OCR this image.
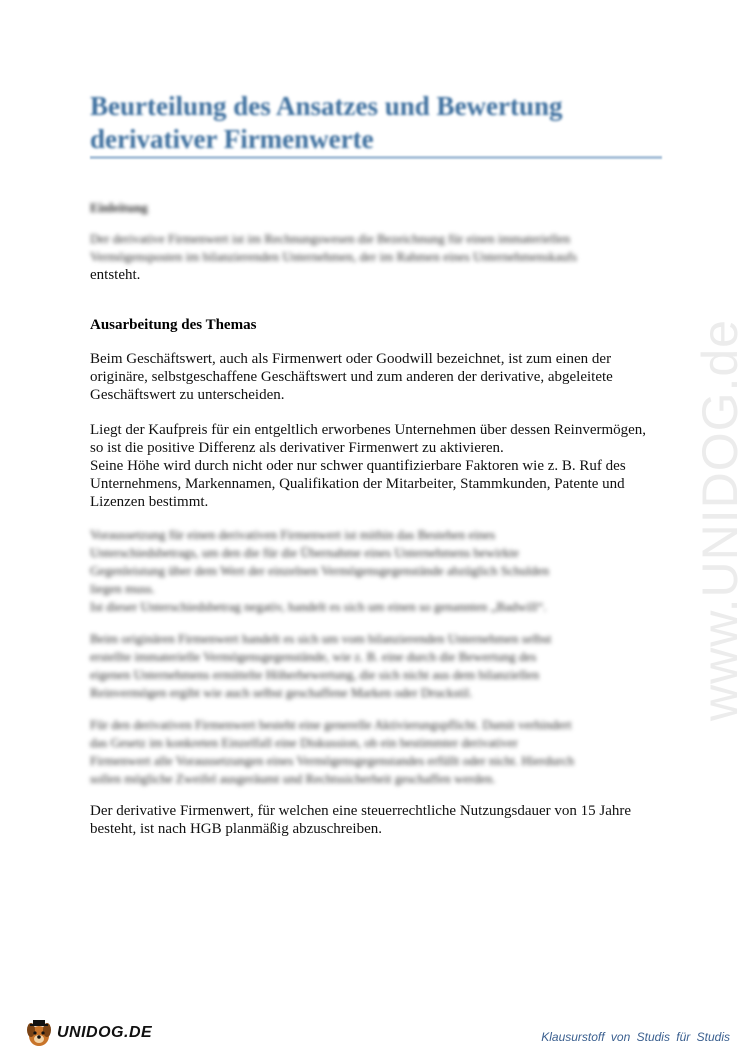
Beurteilung des Ansatzes und Bewertung
derivativer Firmenwerte
Einleitung
Der derivative Firmenwert ist im Rechnungswesen die Bezeichnung für einen immateriellen
Vermögensposten im bilanzierenden Unternehmen, der im Rahmen eines Unternehmenskaufs
entsteht.
Ausarbeitung des Themas
Beim Geschäftswert, auch als Firmenwert oder Goodwill bezeichnet, ist zum einen der
originäre, selbstgeschaffene Geschäftswert und zum anderen der derivative, abgeleitete
Geschäftswert zu unterscheiden.
Liegt der Kaufpreis für ein entgeltlich erworbenes Unternehmen über dessen Reinvermögen,
so ist die positive Differenz als derivativer Firmenwert zu aktivieren.
Seine Höhe wird durch nicht oder nur schwer quantifizierbare Faktoren wie z. B. Ruf des
Unternehmens, Markennamen, Qualifikation der Mitarbeiter, Stammkunden, Patente und
Lizenzen bestimmt.
Voraussetzung für einen derivativen Firmenwert ist mithin das Bestehen eines
Unterschiedsbetrags, um den die für die Übernahme eines Unternehmens bewirkte
Gegenleistung über dem Wert der einzelnen Vermögensgegenstände abzüglich Schulden
liegen muss.
Ist dieser Unterschiedsbetrag negativ, handelt es sich um einen so genannten „Badwill“.
Beim originären Firmenwert handelt es sich um vom bilanzierenden Unternehmen selbst
erstellte immaterielle Vermögensgegenstände, wie z. B. eine durch die Bewertung des
eigenen Unternehmens ermittelte Höherbewertung, die sich nicht aus dem bilanziellen
Reinvermögen ergibt wie auch selbst geschaffene Marken oder Druckstil.
Für den derivativen Firmenwert besteht eine generelle Aktivierungspflicht. Damit verhindert
das Gesetz im konkreten Einzelfall eine Diskussion, ob ein bestimmter derivativer
Firmenwert alle Voraussetzungen eines Vermögensgegenstandes erfüllt oder nicht. Hierdurch
sollen mögliche Zweifel ausgeräumt und Rechtssicherheit geschaffen werden.
Der derivative Firmenwert, für welchen eine steuerrechtliche Nutzungsdauer von 15 Jahre
besteht, ist nach HGB planmäßig abzuschreiben.
www.UNIDOG.de
UNIDOG.DE	Klausurstoff von Studis für Studis
